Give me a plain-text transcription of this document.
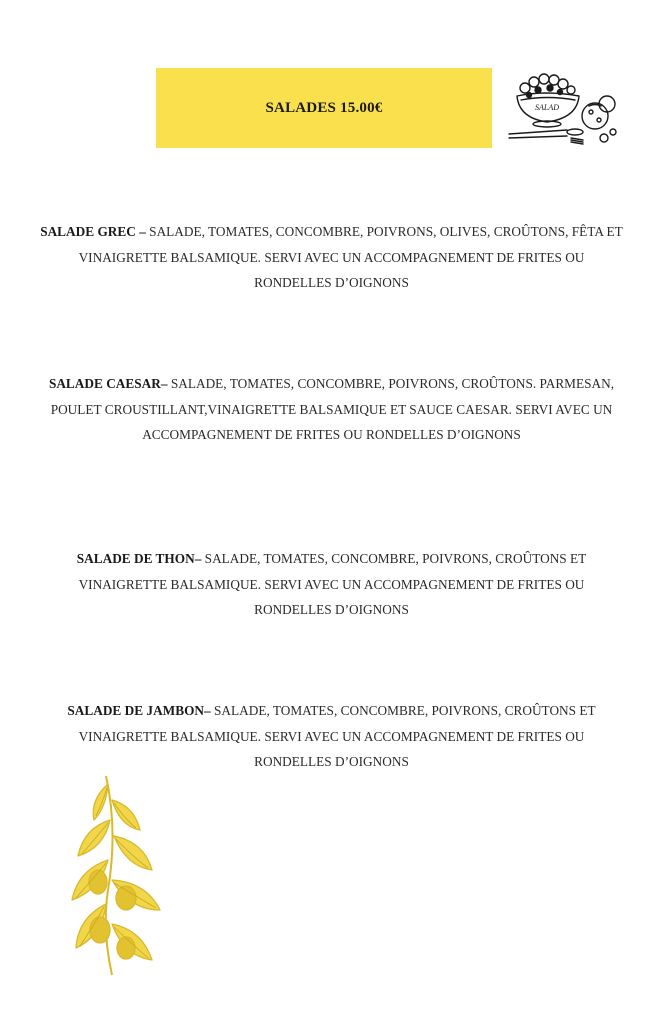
SALADES 15.00€	SALAD
SALADE GREC – SALADE, TOMATES, CONCOMBRE, POIVRONS, OLIVES, CROÛTONS, FÊTA ET VINAIGRETTE BALSAMIQUE. SERVI AVEC UN ACCOMPAGNEMENT DE FRITES OU RONDELLES D’OIGNONS
SALADE CAESAR– SALADE, TOMATES, CONCOMBRE, POIVRONS, CROÛTONS. PARMESAN, POULET CROUSTILLANT,VINAIGRETTE BALSAMIQUE ET SAUCE CAESAR. SERVI AVEC UN ACCOMPAGNEMENT DE FRITES OU RONDELLES D’OIGNONS
SALADE DE THON– SALADE, TOMATES, CONCOMBRE, POIVRONS, CROÛTONS ET VINAIGRETTE BALSAMIQUE. SERVI AVEC UN ACCOMPAGNEMENT DE FRITES OU RONDELLES D’OIGNONS
SALADE DE JAMBON– SALADE, TOMATES, CONCOMBRE, POIVRONS, CROÛTONS ET VINAIGRETTE BALSAMIQUE. SERVI AVEC UN ACCOMPAGNEMENT DE FRITES OU RONDELLES D’OIGNONS
